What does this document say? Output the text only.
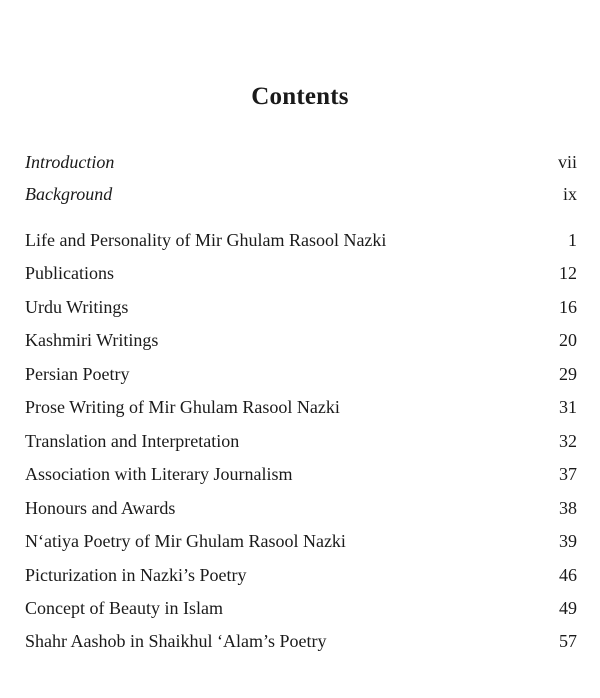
Contents
Introduction	vii
Background	ix
Life and Personality of Mir Ghulam Rasool Nazki	1
Publications	12
Urdu Writings	16
Kashmiri Writings	20
Persian Poetry	29
Prose Writing of Mir Ghulam Rasool Nazki	31
Translation and Interpretation	32
Association with Literary Journalism	37
Honours and Awards	38
N‘atiya Poetry of Mir Ghulam Rasool Nazki	39
Picturization in Nazki’s Poetry	46
Concept of Beauty in Islam	49
Shahr Aashob in Shaikhul ‘Alam’s Poetry	57
